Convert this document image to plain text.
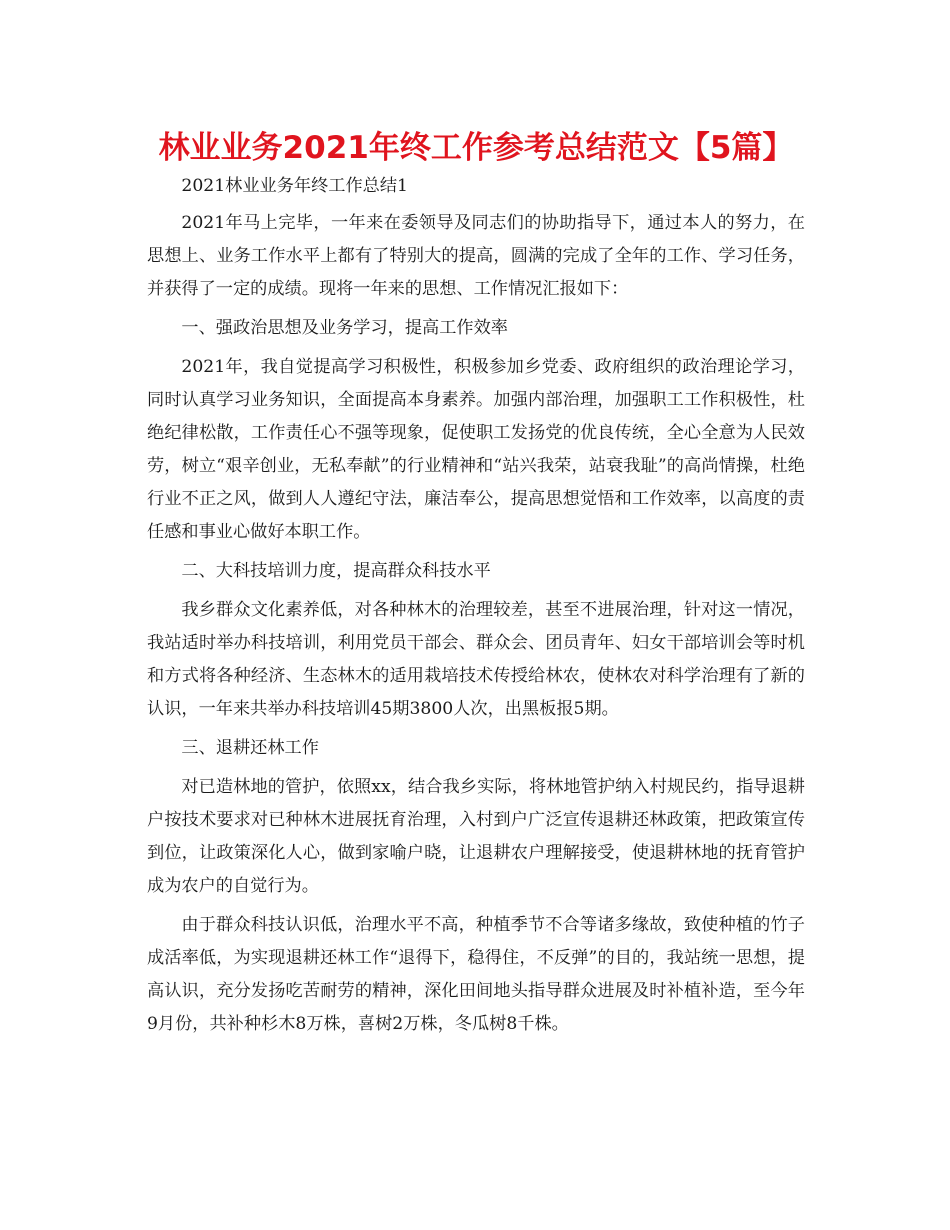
林业业务2021年终工作参考总结范文【5篇】

2021林业业务年终工作总结1

2021年马上完毕，一年来在委领导及同志们的协助指导下，通过本人的努力，在思想上、业务工作水平上都有了特别大的提高，圆满的完成了全年的工作、学习任务，并获得了一定的成绩。现将一年来的思想、工作情况汇报如下：

一、强政治思想及业务学习，提高工作效率

2021年，我自觉提高学习积极性，积极参加乡党委、政府组织的政治理论学习，同时认真学习业务知识，全面提高本身素养。加强内部治理，加强职工工作积极性，杜绝纪律松散，工作责任心不强等现象，促使职工发扬党的优良传统，全心全意为人民效劳，树立“艰辛创业，无私奉献”的行业精神和“站兴我荣，站衰我耻”的高尚情操，杜绝行业不正之风，做到人人遵纪守法，廉洁奉公，提高思想觉悟和工作效率，以高度的责任感和事业心做好本职工作。

二、大科技培训力度，提高群众科技水平

我乡群众文化素养低，对各种林木的治理较差，甚至不进展治理，针对这一情况，我站适时举办科技培训，利用党员干部会、群众会、团员青年、妇女干部培训会等时机和方式将各种经济、生态林木的适用栽培技术传授给林农，使林农对科学治理有了新的认识，一年来共举办科技培训45期3800人次，出黑板报5期。

三、退耕还林工作

对已造林地的管护，依照xx，结合我乡实际，将林地管护纳入村规民约，指导退耕户按技术要求对已种林木进展抚育治理，入村到户广泛宣传退耕还林政策，把政策宣传到位，让政策深化人心，做到家喻户晓，让退耕农户理解接受，使退耕林地的抚育管护成为农户的自觉行为。

由于群众科技认识低，治理水平不高，种植季节不合等诸多缘故，致使种植的竹子成活率低，为实现退耕还林工作“退得下，稳得住，不反弹”的目的，我站统一思想，提高认识，充分发扬吃苦耐劳的精神，深化田间地头指导群众进展及时补植补造，至今年9月份，共补种杉木8万株，喜树2万株，冬瓜树8千株。
